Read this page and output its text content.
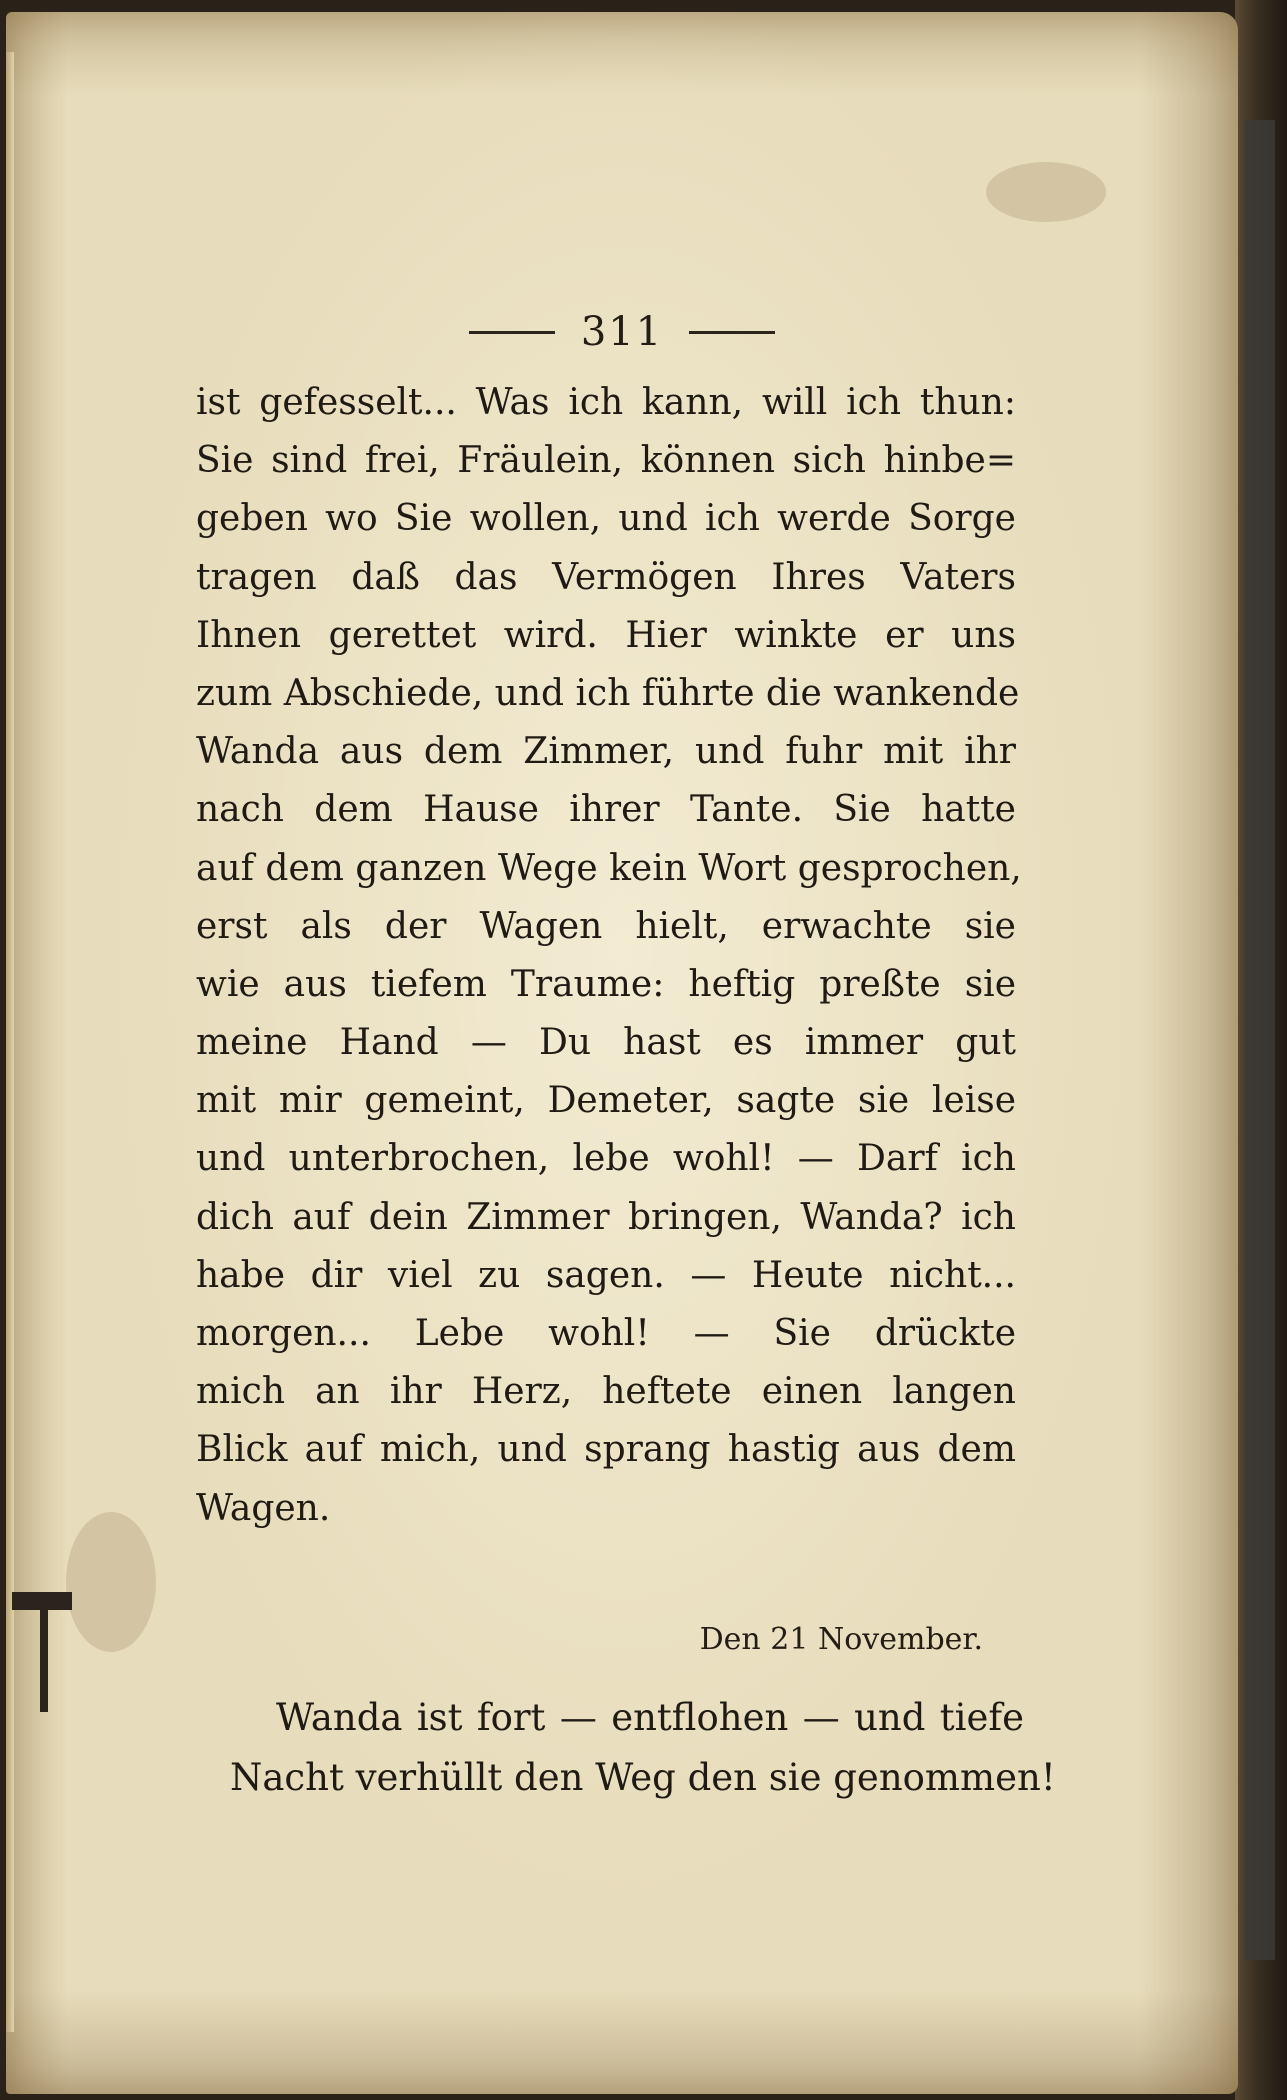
311
ist gefesselt... Was ich kann, will ich thun:
Sie sind frei, Fräulein, können sich hinbe=
geben wo Sie wollen, und ich werde Sorge
tragen daß das Vermögen Ihres Vaters
Ihnen gerettet wird. Hier winkte er uns
zum Abschiede, und ich führte die wankende
Wanda aus dem Zimmer, und fuhr mit ihr
nach dem Hause ihrer Tante. Sie hatte
auf dem ganzen Wege kein Wort gesprochen,
erst als der Wagen hielt, erwachte sie
wie aus tiefem Traume: heftig preßte sie
meine Hand — Du hast es immer gut
mit mir gemeint, Demeter, sagte sie leise
und unterbrochen, lebe wohl! — Darf ich
dich auf dein Zimmer bringen, Wanda? ich
habe dir viel zu sagen. — Heute nicht...
morgen... Lebe wohl! — Sie drückte
mich an ihr Herz, heftete einen langen
Blick auf mich, und sprang hastig aus dem
Wagen.
Den 21 November.
Wanda ist fort — entflohen — und tiefe
Nacht verhüllt den Weg den sie genommen!
